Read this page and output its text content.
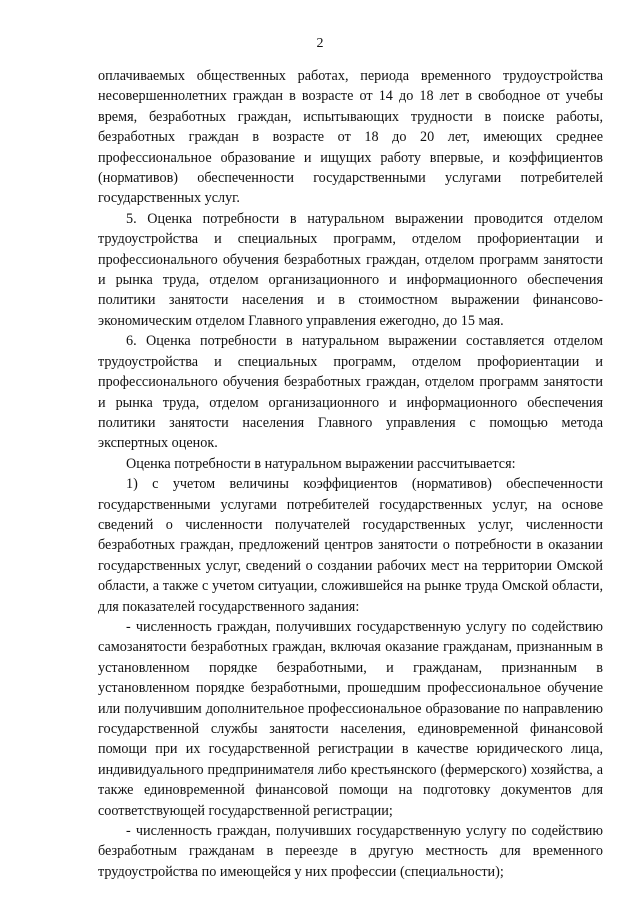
2

оплачиваемых общественных работах, периода временного трудоустройства несовершеннолетних граждан в возрасте от 14 до 18 лет в свободное от учебы время, безработных граждан, испытывающих трудности в поиске работы, безработных граждан в возрасте от 18 до 20 лет, имеющих среднее профессиональное образование и ищущих работу впервые, и коэффициентов (нормативов) обеспеченности государственными услугами потребителей государственных услуг.

5. Оценка потребности в натуральном выражении проводится отделом трудоустройства и специальных программ, отделом профориентации и профессионального обучения безработных граждан, отделом программ занятости и рынка труда, отделом организационного и информационного обеспечения политики занятости населения и в стоимостном выражении финансово-экономическим отделом Главного управления ежегодно, до 15 мая.

6. Оценка потребности в натуральном выражении составляется отделом трудоустройства и специальных программ, отделом профориентации и профессионального обучения безработных граждан, отделом программ занятости и рынка труда, отделом организационного и информационного обеспечения политики занятости населения Главного управления с помощью метода экспертных оценок.

Оценка потребности в натуральном выражении рассчитывается:

1) с учетом величины коэффициентов (нормативов) обеспеченности государственными услугами потребителей государственных услуг, на основе сведений о численности получателей государственных услуг, численности безработных граждан, предложений центров занятости о потребности в оказании государственных услуг, сведений о создании рабочих мест на территории Омской области, а также с учетом ситуации, сложившейся на рынке труда Омской области, для показателей государственного задания:

- численность граждан, получивших государственную услугу по содействию самозанятости безработных граждан, включая оказание гражданам, признанным в установленном порядке безработными, и гражданам, признанным в установленном порядке безработными, прошедшим профессиональное обучение или получившим дополнительное профессиональное образование по направлению государственной службы занятости населения, единовременной финансовой помощи при их государственной регистрации в качестве юридического лица, индивидуального предпринимателя либо крестьянского (фермерского) хозяйства, а также единовременной финансовой помощи на подготовку документов для соответствующей государственной регистрации;

- численность граждан, получивших государственную услугу по содействию безработным гражданам в переезде в другую местность для временного трудоустройства по имеющейся у них профессии (специальности);
